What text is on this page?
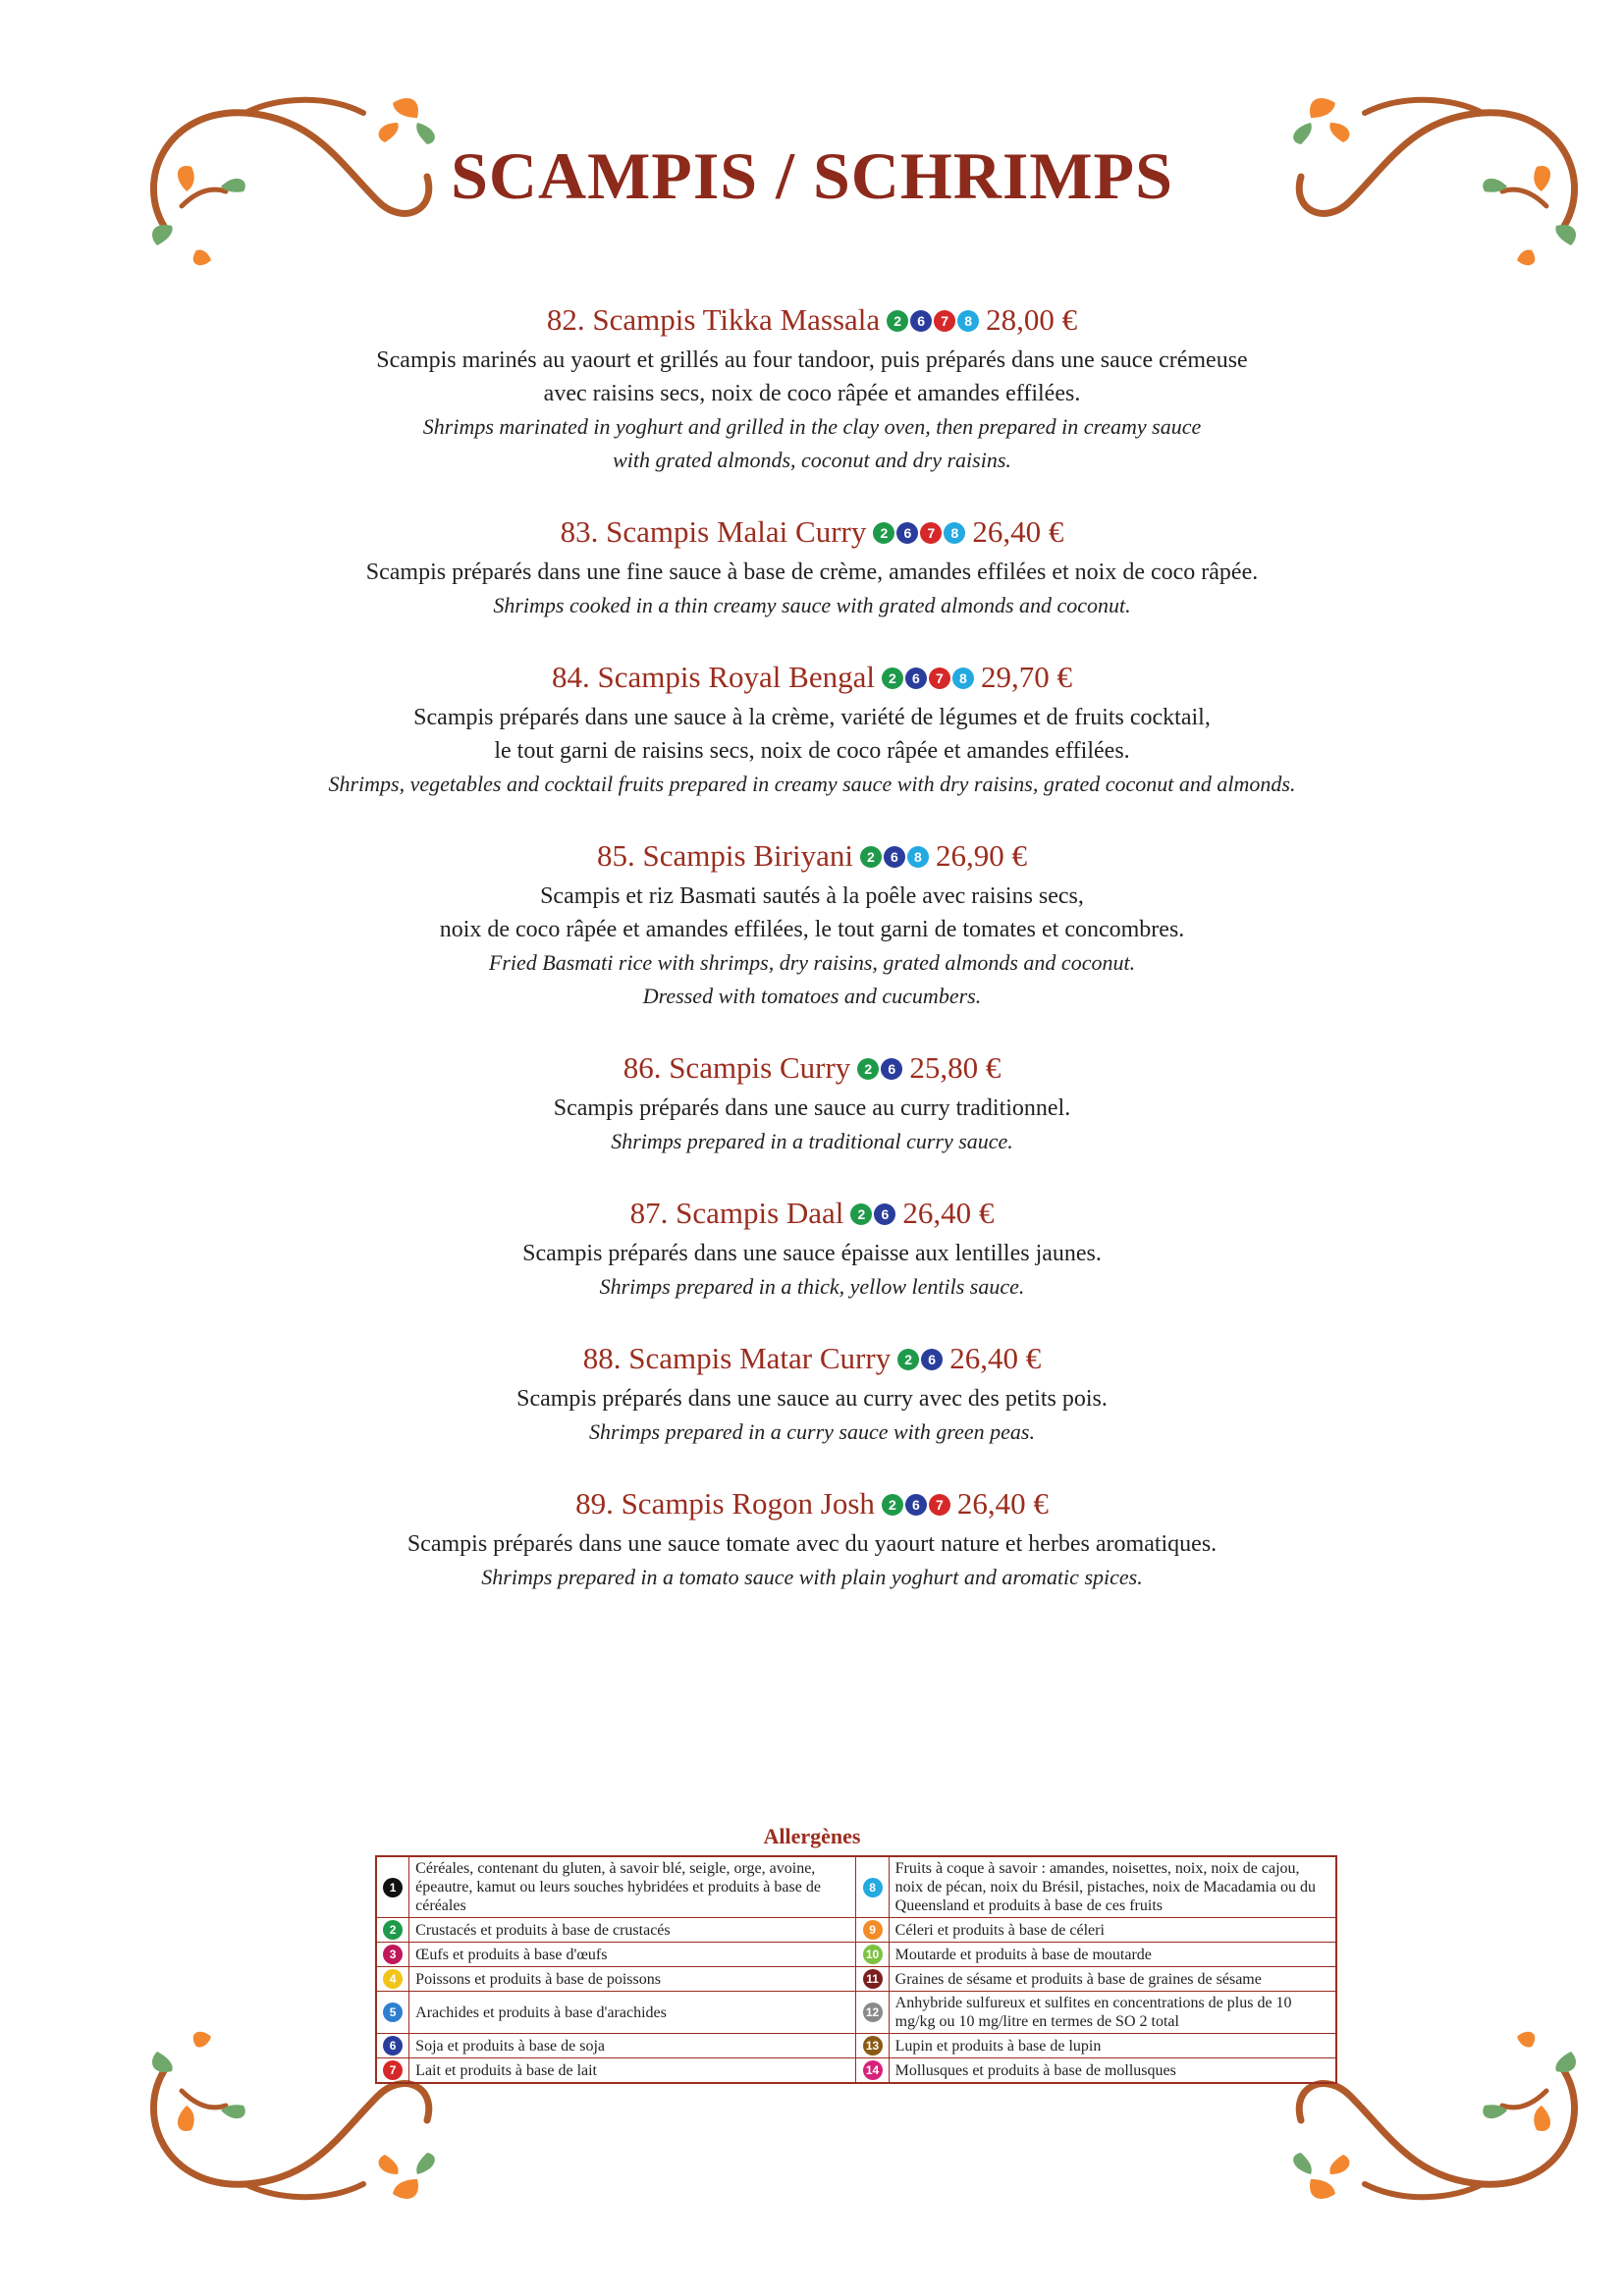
SCAMPIS / SCHRIMPS
82. Scampis Tikka Massala 2 6 7 8 28,00 €
Scampis marinés au yaourt et grillés au four tandoor, puis préparés dans une sauce crémeuse
avec raisins secs, noix de coco râpée et amandes effilées.
Shrimps marinated in yoghurt and grilled in the clay oven, then prepared in creamy sauce
with grated almonds, coconut and dry raisins.
83. Scampis Malai Curry 2 6 7 8 26,40 €
Scampis préparés dans une fine sauce à base de crème, amandes effilées et noix de coco râpée.
Shrimps cooked in a thin creamy sauce with grated almonds and coconut.
84. Scampis Royal Bengal 2 6 7 8 29,70 €
Scampis préparés dans une sauce à la crème, variété de légumes et de fruits cocktail,
le tout garni de raisins secs, noix de coco râpée et amandes effilées.
Shrimps, vegetables and cocktail fruits prepared in creamy sauce with dry raisins, grated coconut and almonds.
85. Scampis Biriyani 2 6 8 26,90 €
Scampis et riz Basmati sautés à la poêle avec raisins secs,
noix de coco râpée et amandes effilées, le tout garni de tomates et concombres.
Fried Basmati rice with shrimps, dry raisins, grated almonds and coconut.
Dressed with tomatoes and cucumbers.
86. Scampis Curry 2 6 25,80 €
Scampis préparés dans une sauce au curry traditionnel.
Shrimps prepared in a traditional curry sauce.
87. Scampis Daal 2 6 26,40 €
Scampis préparés dans une sauce épaisse aux lentilles jaunes.
Shrimps prepared in a thick, yellow lentils sauce.
88. Scampis Matar Curry 2 6 26,40 €
Scampis préparés dans une sauce au curry avec des petits pois.
Shrimps prepared in a curry sauce with green peas.
89. Scampis Rogon Josh 2 6 7 26,40 €
Scampis préparés dans une sauce tomate avec du yaourt nature et herbes aromatiques.
Shrimps prepared in a tomato sauce with plain yoghurt and aromatic spices.
Allergènes
1	Céréales, contenant du gluten, à savoir blé, seigle, orge, avoine, épeautre, kamut ou leurs souches hybridées et produits à base de céréales	8	Fruits à coque à savoir : amandes, noisettes, noix, noix de cajou, noix de pécan, noix du Brésil, pistaches, noix de Macadamia ou du Queensland et produits à base de ces fruits
2	Crustacés et produits à base de crustacés	9	Céleri et produits à base de céleri
3	Œufs et produits à base d'œufs	10	Moutarde et produits à base de moutarde
4	Poissons et produits à base de poissons	11	Graines de sésame et produits à base de graines de sésame
5	Arachides et produits à base d'arachides	12	Anhybride sulfureux et sulfites en concentrations de plus de 10 mg/kg ou 10 mg/litre en termes de SO 2 total
6	Soja et produits à base de soja	13	Lupin et produits à base de lupin
7	Lait et produits à base de lait	14	Mollusques et produits à base de mollusques
